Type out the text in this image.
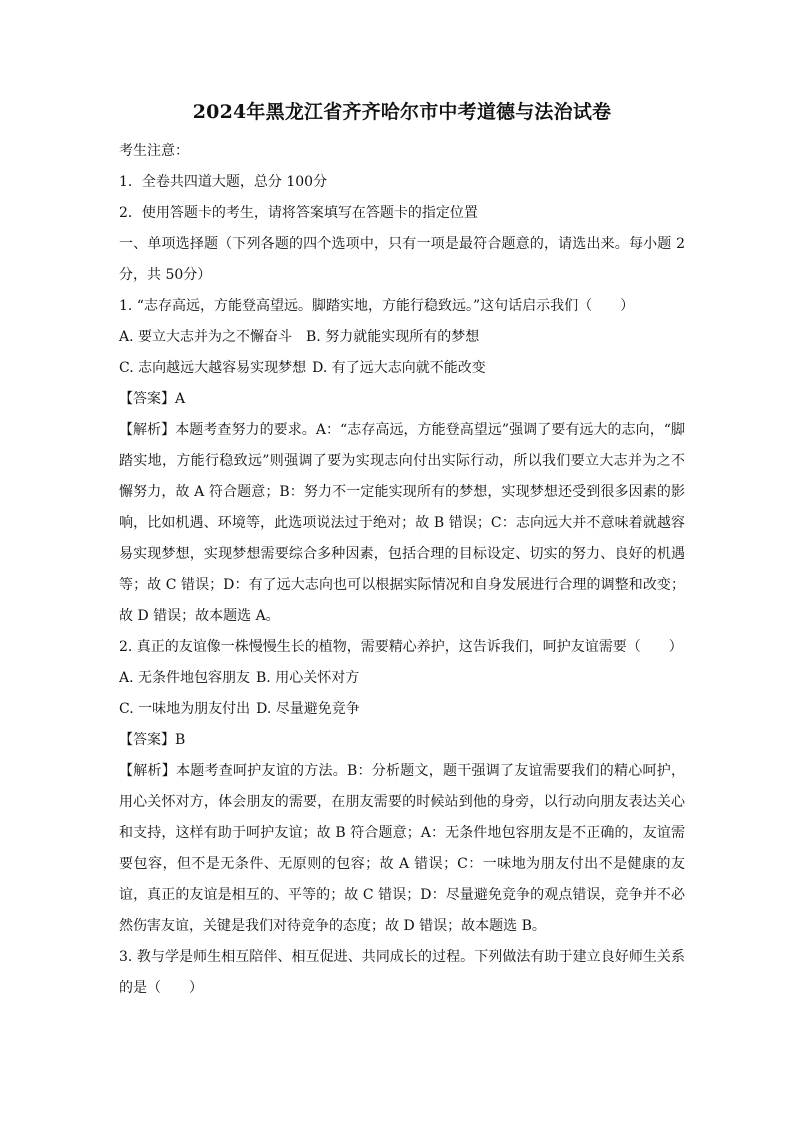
2024年黑龙江省齐齐哈尔市中考道德与法治试卷

考生注意：

1．全卷共四道大题，总分 100分

2．使用答题卡的考生，请将答案填写在答题卡的指定位置

一、单项选择题（下列各题的四个选项中，只有一项是最符合题意的，请选出来。每小题 2分，共 50分）

1. “志存高远，方能登高望远。脚踏实地，方能行稳致远。”这句话启示我们（　　）

A. 要立大志并为之不懈奋斗 B. 努力就能实现所有的梦想

C. 志向越远大越容易实现梦想 D. 有了远大志向就不能改变

【答案】A

【解析】本题考查努力的要求。A：“志存高远，方能登高望远”强调了要有远大的志向，“脚踏实地，方能行稳致远”则强调了要为实现志向付出实际行动，所以我们要立大志并为之不懈努力，故 A 符合题意；B：努力不一定能实现所有的梦想，实现梦想还受到很多因素的影响，比如机遇、环境等，此选项说法过于绝对；故 B 错误；C：志向远大并不意味着就越容易实现梦想，实现梦想需要综合多种因素，包括合理的目标设定、切实的努力、良好的机遇等；故 C 错误；D：有了远大志向也可以根据实际情况和自身发展进行合理的调整和改变；故 D 错误；故本题选 A。

2. 真正的友谊像一株慢慢生长的植物，需要精心养护，这告诉我们，呵护友谊需要（　　）

A. 无条件地包容朋友 B. 用心关怀对方

C. 一味地为朋友付出 D. 尽量避免竞争

【答案】B

【解析】本题考查呵护友谊的方法。B：分析题文，题干强调了友谊需要我们的精心呵护，用心关怀对方，体会朋友的需要，在朋友需要的时候站到他的身旁，以行动向朋友表达关心和支持，这样有助于呵护友谊；故 B 符合题意；A：无条件地包容朋友是不正确的，友谊需要包容，但不是无条件、无原则的包容；故 A 错误；C：一味地为朋友付出不是健康的友谊，真正的友谊是相互的、平等的；故 C 错误；D：尽量避免竞争的观点错误，竞争并不必然伤害友谊，关键是我们对待竞争的态度；故 D 错误；故本题选 B。

3. 教与学是师生相互陪伴、相互促进、共同成长的过程。下列做法有助于建立良好师生关系的是（　　）
